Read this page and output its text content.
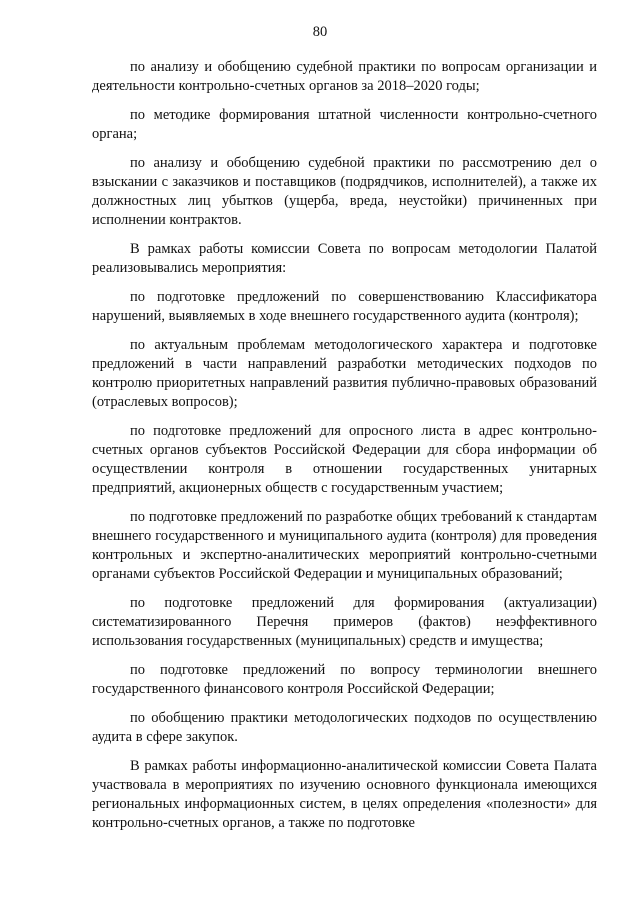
80

по анализу и обобщению судебной практики по вопросам организации и деятельности контрольно-счетных органов за 2018–2020 годы;

по методике формирования штатной численности контрольно-счетного органа;

по анализу и обобщению судебной практики по рассмотрению дел о взыскании с заказчиков и поставщиков (подрядчиков, исполнителей), а также их должностных лиц убытков (ущерба, вреда, неустойки) причиненных при исполнении контрактов.

В рамках работы комиссии Совета по вопросам методологии Палатой реализовывались мероприятия:

по подготовке предложений по совершенствованию Классификатора нарушений, выявляемых в ходе внешнего государственного аудита (контроля);

по актуальным проблемам методологического характера и подготовке предложений в части направлений разработки методических подходов по контролю приоритетных направлений развития публично-правовых образований (отраслевых вопросов);

по подготовке предложений для опросного листа в адрес контрольно-счетных органов субъектов Российской Федерации для сбора информации об осуществлении контроля в отношении государственных унитарных предприятий, акционерных обществ с государственным участием;

по подготовке предложений по разработке общих требований к стандартам внешнего государственного и муниципального аудита (контроля) для проведения контрольных и экспертно-аналитических мероприятий контрольно-счетными органами субъектов Российской Федерации и муниципальных образований;

по подготовке предложений для формирования (актуализации) систематизированного Перечня примеров (фактов) неэффективного использования государственных (муниципальных) средств и имущества;

по подготовке предложений по вопросу терминологии внешнего государственного финансового контроля Российской Федерации;

по обобщению практики методологических подходов по осуществлению аудита в сфере закупок.

В рамках работы информационно-аналитической комиссии Совета Палата участвовала в мероприятиях по изучению основного функционала имеющихся региональных информационных систем, в целях определения «полезности» для контрольно-счетных органов, а также по подготовке
